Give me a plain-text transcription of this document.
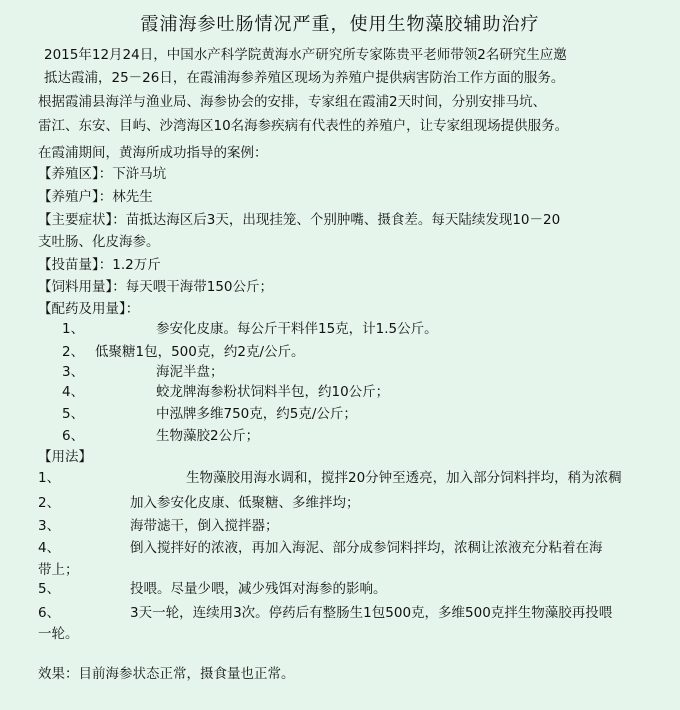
霞浦海参吐肠情况严重，使用生物藻胶辅助治疗
2015年12月24日，中国水产科学院黄海水产研究所专家陈贵平老师带领2名研究生应邀
抵达霞浦，25－26日，在霞浦海参养殖区现场为养殖户提供病害防治工作方面的服务。
根据霞浦县海洋与渔业局、海参协会的安排，专家组在霞浦2天时间，分别安排马坑、
雷江、东安、目屿、沙湾海区10名海参疾病有代表性的养殖户，让专家组现场提供服务。
在霞浦期间，黄海所成功指导的案例：
【养殖区】：下浒马坑
【养殖户】：林先生
【主要症状】：苗抵达海区后3天，出现挂笼、个别肿嘴、摄食差。每天陆续发现10－20
支吐肠、化皮海参。
【投苗量】：1.2万斤
【饲料用量】：每天喂干海带150公斤；
【配药及用量】：
1、	参安化皮康。每公斤干料伴15克，计1.5公斤。
2、 低聚糖1包，500克，约2克/公斤。
3、	海泥半盘；
4、	蛟龙牌海参粉状饲料半包，约10公斤；
5、	中泓牌多维750克，约5克/公斤；
6、	生物藻胶2公斤；
【用法】
1、	生物藻胶用海水调和，搅拌20分钟至透亮，加入部分饲料拌均，稍为浓稠
2、	加入参安化皮康、低聚糖、多维拌均；
3、	海带滤干，倒入搅拌器；
4、	倒入搅拌好的浓液，再加入海泥、部分成参饲料拌均，浓稠让浓液充分粘着在海
带上；
5、	投喂。尽量少喂，减少残饵对海参的影响。
6、	3天一轮，连续用3次。停药后有整肠生1包500克，多维500克拌生物藻胶再投喂
一轮。
效果：目前海参状态正常，摄食量也正常。
